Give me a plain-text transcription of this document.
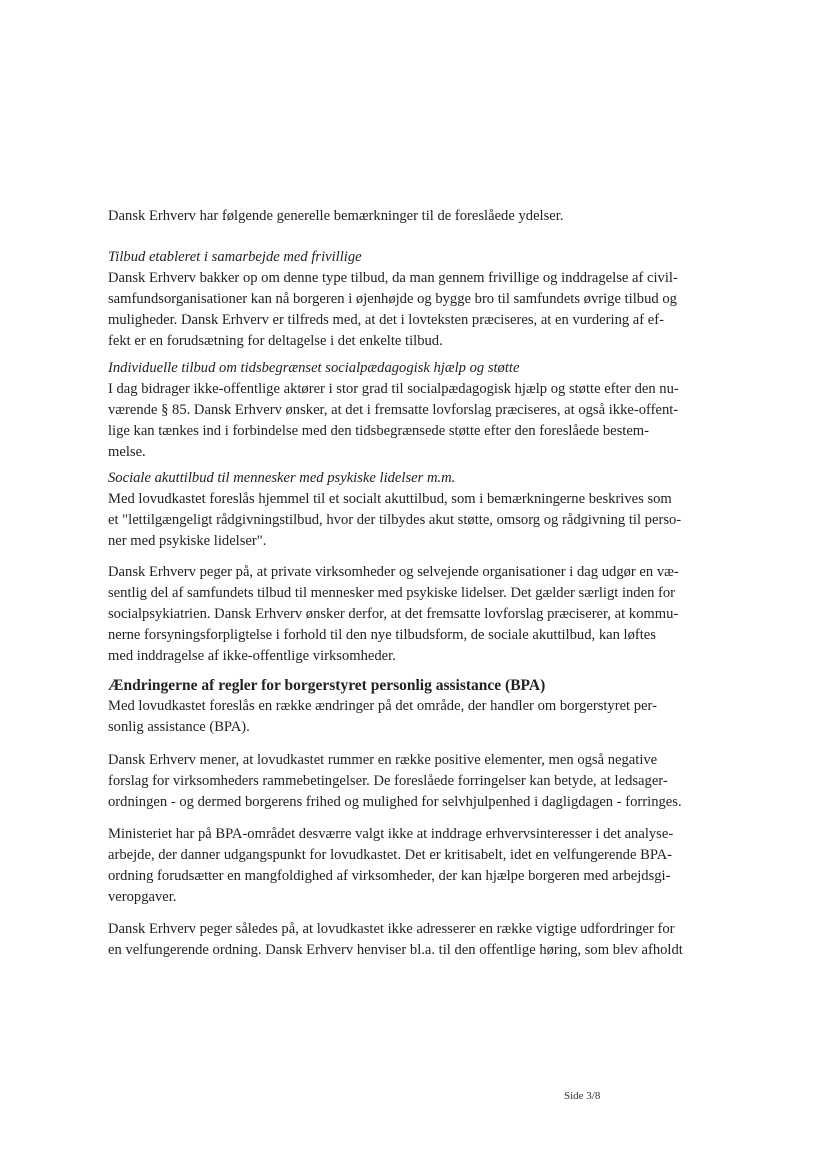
Dansk Erhverv har følgende generelle bemærkninger til de foreslåede ydelser.

Tilbud etableret i samarbejde med frivillige
Dansk Erhverv bakker op om denne type tilbud, da man gennem frivillige og inddragelse af civil-
samfundsorganisationer kan nå borgeren i øjenhøjde og bygge bro til samfundets øvrige tilbud og
muligheder. Dansk Erhverv er tilfreds med, at det i lovteksten præciseres, at en vurdering af ef-
fekt er en forudsætning for deltagelse i det enkelte tilbud.
Individuelle tilbud om tidsbegrænset socialpædagogisk hjælp og støtte
I dag bidrager ikke-offentlige aktører i stor grad til socialpædagogisk hjælp og støtte efter den nu-
værende § 85. Dansk Erhverv ønsker, at det i fremsatte lovforslag præciseres, at også ikke-offent-
lige kan tænkes ind i forbindelse med den tidsbegrænsede støtte efter den foreslåede bestem-
melse.
Sociale akuttilbud til mennesker med psykiske lidelser m.m.
Med lovudkastet foreslås hjemmel til et socialt akuttilbud, som i bemærkningerne beskrives som
et "lettilgængeligt rådgivningstilbud, hvor der tilbydes akut støtte, omsorg og rådgivning til perso-
ner med psykiske lidelser".
Dansk Erhverv peger på, at private virksomheder og selvejende organisationer i dag udgør en væ-
sentlig del af samfundets tilbud til mennesker med psykiske lidelser. Det gælder særligt inden for
socialpsykiatrien. Dansk Erhverv ønsker derfor, at det fremsatte lovforslag præciserer, at kommu-
nerne forsyningsforpligtelse i forhold til den nye tilbudsform, de sociale akuttilbud, kan løftes
med inddragelse af ikke-offentlige virksomheder.
Ændringerne af regler for borgerstyret personlig assistance (BPA)
Med lovudkastet foreslås en række ændringer på det område, der handler om borgerstyret per-
sonlig assistance (BPA).
Dansk Erhverv mener, at lovudkastet rummer en række positive elementer, men også negative
forslag for virksomheders rammebetingelser. De foreslåede forringelser kan betyde, at ledsager-
ordningen - og dermed borgerens frihed og mulighed for selvhjulpenhed i dagligdagen - forringes.
Ministeriet har på BPA-området desværre valgt ikke at inddrage erhvervsinteresser i det analyse-
arbejde, der danner udgangspunkt for lovudkastet. Det er kritisabelt, idet en velfungerende BPA-
ordning forudsætter en mangfoldighed af virksomheder, der kan hjælpe borgeren med arbejdsgi-
veropgaver.
Dansk Erhverv peger således på, at lovudkastet ikke adresserer en række vigtige udfordringer for
en velfungerende ordning. Dansk Erhverv henviser bl.a. til den offentlige høring, som blev afholdt
Side 3/8
